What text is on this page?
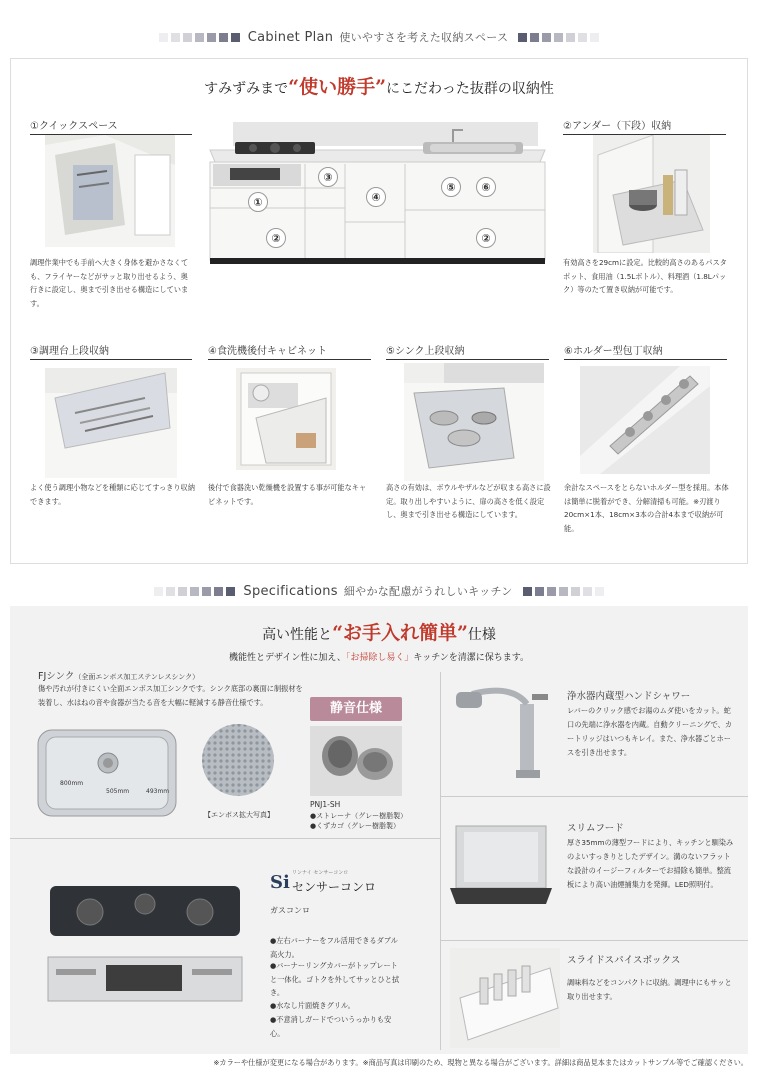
Cabinet Plan 使いやすさを考えた収納スペース
すみずみまで“使い勝手”にこだわった抜群の収納性
①クイックスペース
調理作業中でも手前へ大きく身体を避かさなくても、フライヤーなどがサッと取り出せるよう、奥行きに設定し、奥まで引き出せる構造にしています。
①
③
④
⑤	⑥
②	②
②アンダー（下段）収納
有効高さを29cmに設定。比較的高さのあるパスタポット、食用油（1.5Lボトル）、料理酒（1.8Lパック）等のたて置き収納が可能です。
③調理台上段収納
よく使う調理小物などを種類に応じてすっきり収納できます。
④食洗機後付キャビネット
後付で食器洗い乾燥機を設置する事が可能なキャビネットです。
⑤シンク上段収納
高さの有効は、ボウルやザルなどが収まる高さに設定。取り出しやすいように、扉の高さを低く設定し、奥まで引き出せる構造にしています。
⑥ホルダー型包丁収納
余計なスペースをとらないホルダー型を採用。本体は簡単に脱着ができ、分解清掃も可能。※刃渡り20cm×1本、18cm×3本の合計4本まで収納が可能。
Specifications 細やかな配慮がうれしいキッチン
高い性能と“お手入れ簡単”仕様
機能性とデザイン性に加え、「お掃除し易く」キッチンを清潔に保ちます。
FJシンク（全面エンボス加工ステンレスシンク）
傷や汚れが付きにくい全面エンボス加工シンクです。シンク底部の裏面に制振材を装着し、水はねの音や食器が当たる音を大幅に軽減する静音仕様です。
800mm
505mm	493mm
【エンボス拡大写真】
静音仕様
PNJ1-SH
●ストレーナ（グレー樹脂製）
●くずカゴ（グレー樹脂製）
浄水器内蔵型ハンドシャワー
レバーのクリック感でお湯のムダ使いをカット。蛇口の先端に浄水器を内蔵。自動クリーニングで、カートリッジはいつもキレイ。また、浄水器ごとホースを引き出せます。
スリムフード
厚さ35mmの薄型フードにより、キッチンと馴染みのよいすっきりとしたデザイン。溝のないフラットな設計のイージーフィルターでお掃除も簡単。整流板により高い油煙捕集力を発揮。LED照明付。
スライドスパイスボックス
調味料などをコンパクトに収納。調理中にもサッと取り出せます。
Si リンナイ センサーコンロ
センサーコンロ
ガスコンロ
●左右バーナーをフル活用できるダブル高火力。
●バーナーリングカバーがトップレートと一体化。ゴトクを外してサッとひと拭き。
●水なし片面焼きグリル。
●不意消しガードでついうっかりも安心。
※カラーや仕様が変更になる場合があります。※商品写真は印刷のため、現物と異なる場合がございます。詳細は商品見本またはカットサンプル等でご確認ください。
